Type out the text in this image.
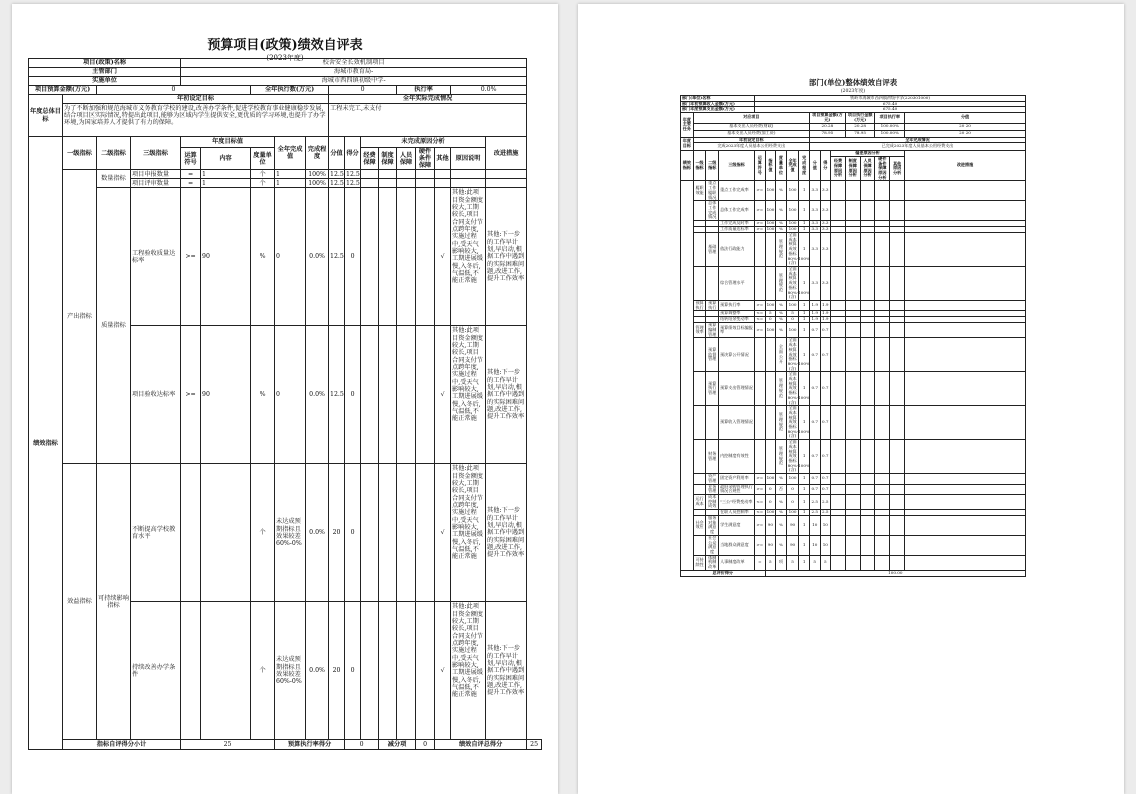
预算项目(政策)绩效自评表
(2023年度)
项目(政策)名称				校舍安全长效机制项目														
主管部门				海城市教育局-														
实施单位				海城市西四镇初级中学-														
项目预算金额(万元)		0				全年执行数(万元)			0				执行率			0.0%		
年度总体目标	年初设定目标								全年实际完成情况									
	为了不断加强和规范海城市义务教育学校的建设,改善办学条件,促进学校教育事业健康稳步发展,结合项目区实际情况,特提出此项目,能够为区域内学生提供安全,更优质的学习环境,也提升了办学环境,为国家培养人才提供了有力的保障。								工程未完工,未支付									
绩效指标	一级指标	二级指标	三级指标	年度目标值			全年完成值	完成程度	分值	得分	未完成原因分析						改进措施	
				运算符号	内容	度量单位					经费保障	制度保障	人员保障	硬件条件保障	其他	原因说明		
	产出指标	数量指标	项目申报数量	=	1	个	1	100%	12.5	12.5								
			项目评审数量	=	1	个	1	100%	12.5	12.5								
		质量指标	工程验收质量达标率	>=	90	%	0	0.0%	12.5	0					√	其他:此项目资金额度较大,工期较长,项目合同支付节点跨年度,实施过程中,受天气影响较大,工期进展缓慢,入冬后,气温低,不能正常施	其他:下一步的工作早计划,早启动,根据工作中遇到的实际困难问题,改进工作,提升工作效率	
			项目验收达标率	>=	90	%	0	0.0%	12.5	0					√	其他:此项目资金额度较大,工期较长,项目合同支付节点跨年度,实施过程中,受天气影响较大,工期进展缓慢,入冬后,气温低,不能正常施	其他:下一步的工作早计划,早启动,根据工作中遇到的实际困难问题,改进工作,提升工作效率	
	效益指标	可持续影响指标	不断提高学校教育水平			个	未达成预期指标且效果较差60%-0%	0.0%	20	0					√	其他:此项目资金额度较大,工期较长,项目合同支付节点跨年度,实施过程中,受天气影响较大,工期进展缓慢,入冬后,气温低,不能正常施	其他:下一步的工作早计划,早启动,根据工作中遇到的实际困难问题,改进工作,提升工作效率	
			持续改善办学条件			个	未达成预期指标且效果较差60%-0%	0.0%	20	0					√	其他:此项目资金额度较大,工期较长,项目合同支付节点跨年度,实施过程中,受天气影响较大,工期进展缓慢,入冬后,气温低,不能正常施	其他:下一步的工作早计划,早启动,根据工作中遇到的实际困难问题,改进工作,提升工作效率	
	指标自评得分小计			25			预算执行率得分			0		减分项		0	绩效自评总得分			25
部门(单位)整体绩效自评表
(2023年度)
部门(单位)名称				铁岭市海城市西四镇初级中学(220301000)												
部门年初预算收入金额(万元)				675.40												
部门年度预算支出金额(万元)				675.40												
年度主要任务	对应项目								项目预算金额(万元)			项目执行金额(万元)		项目执行率		分值
	基本支出人员经费(财政)								20.28			20.28		100.00%		20 20
	基本支出人员经费(加工资)								78.95			78.95		100.00%		20 20
年度目标	年初设定目标								全年完成情况							
	完成2023年度人员基本公用经费支出								已完成2023年度人员基本公用经费支出							
绩效指标	一级指标	二级指标	三级指标	运算符号	指标值	度量单位	全年完成值	完成程度	分值	得分	偏差原因分析					改进措施
											经费保障原因分析	制度保障原因分析	人员保障原因分析	硬件条件保障原因分析	其他原因分析	
	履职效能	重点工作履职情况	重点工作完成率	>=	100	%	100	1	3.3	3.3						
		总体工作完成情况	总体工作完成率	>=	100	%	100	1	3.3	3.3						
			工作完成及时率	>=	100	%	100	1	3.3	3.3						
			工作质量达标率	>=	100	%	100	1	3.3	3.3						
		基础管理	依法行政能力			管理规范	全面成本核算成效指标80%-100%(含)	1	3.3	3.3						
			综合管理水平			管理规范	全面成本核算成效指标80%-100%(含)	1	3.3	3.3						
	预算执行	预算执行	预算执行率	>=	100	%	100	1	1.9	1.9						
			预算调整率	<=	5	%	5	1	1.9	1.9						
			结转结余变动率	<=	0	%	0	1	1.9	1.9						
	管理效率	预算编制管理	预算绩效目标编报率	>=	100	%	100	1	0.7	0.7						
		预算监督管理	预决算公开情况			全面公开	全面成本核算成效指标80%-100%(含)	1	0.7	0.7						
		预算执行管理	预算支出管理情况			管理规范	全面成本核算成效指标80%-100%(含)	1	0.7	0.7						
			预算收入管理情况			管理规范	全面成本核算成效指标80%-100%(含)	1	0.7	0.7						
		财务管理	内控制度有效性			管理规范	全面成本核算成效指标80%-100%(含)	1	0.7	0.7						
		资产管理	固定资产利用率	>=	100	%	100	1	0.7	0.7						
		业务管理	政府采购管理执行情况合规性	>=	0	否	0	1	0.7	0.7						
	运行成本	成本控制成效	"三公"经费变动率	<=	0	%	0	1	2.5	2.5						
			在职人员控制率	<=	100	%	100	1	2.5	2.5						
	社会效应	服务对象满意度	学生满意度	>=	90	%	90	1	10	10						
		社会公众满意度	当地群众满意度	>=	90	%	90	1	10	10						
	可持续性	体制机制改革	人事制度改革	=	5	项	5	1	5	5						
总评价得分					100.00											
